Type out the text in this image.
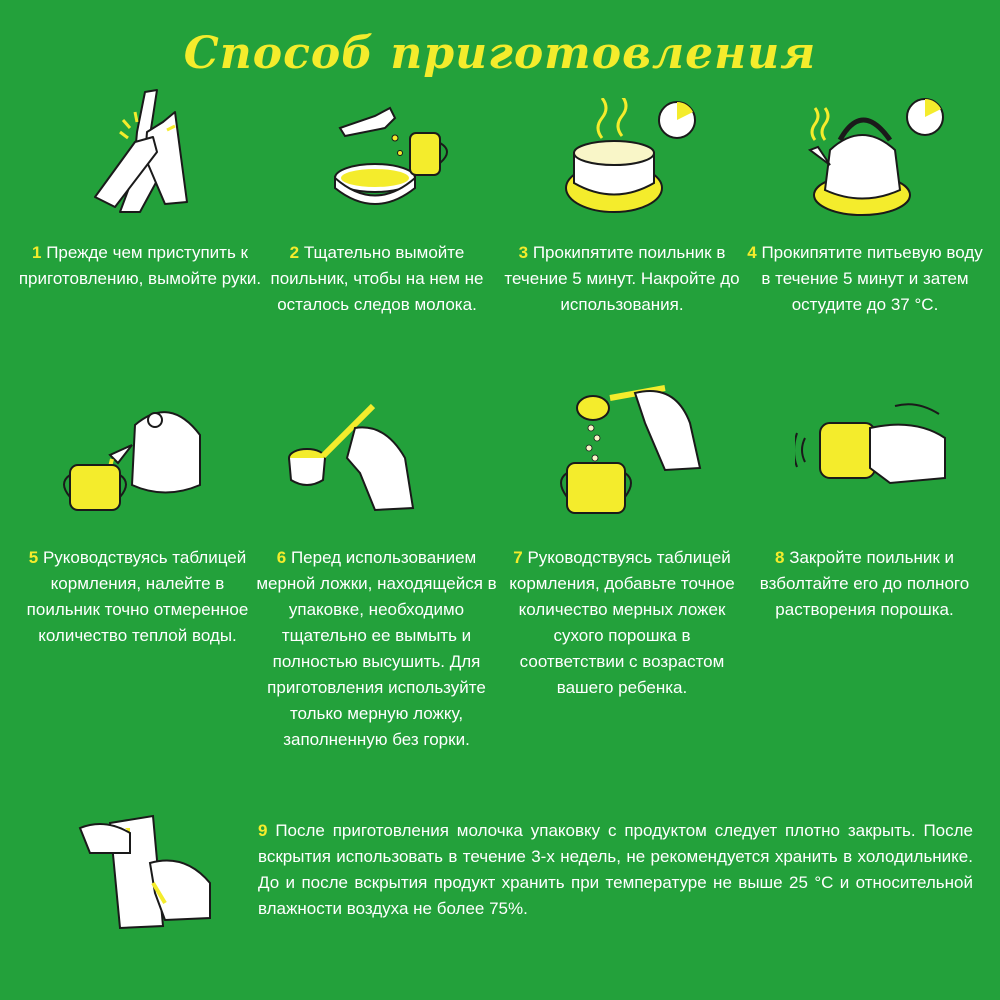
Способ приготовления
1 Прежде чем приступить к приготовлению, вымойте руки.
2 Тщательно вымойте поильник, чтобы на нем не осталось следов молока.
3 Прокипятите поильник в течение 5 минут. Накройте до использования.
4 Прокипятите питьевую воду в течение 5 минут и затем остудите до 37 °С.
5 Руководствуясь таблицей кормления, налейте в поильник точно отмеренное количество теплой воды.
6 Перед использованием мерной ложки, находящейся в упаковке, необходимо тщательно ее вымыть и полностью высушить. Для приготовления используйте только мерную ложку, заполненную без горки.
7 Руководствуясь таблицей кормления, добавьте точное количество мерных ложек сухого порошка в соответствии с возрастом вашего ребенка.
8 Закройте поильник и взболтайте его до полного растворения порошка.
9 После приготовления молочка упаковку с продуктом следует плотно закрыть. После вскрытия использовать в течение 3-х недель, не рекомендуется хранить в холодильнике. До и после вскрытия продукт хранить при температуре не выше 25 °С и относительной влажности воздуха не более 75%.
